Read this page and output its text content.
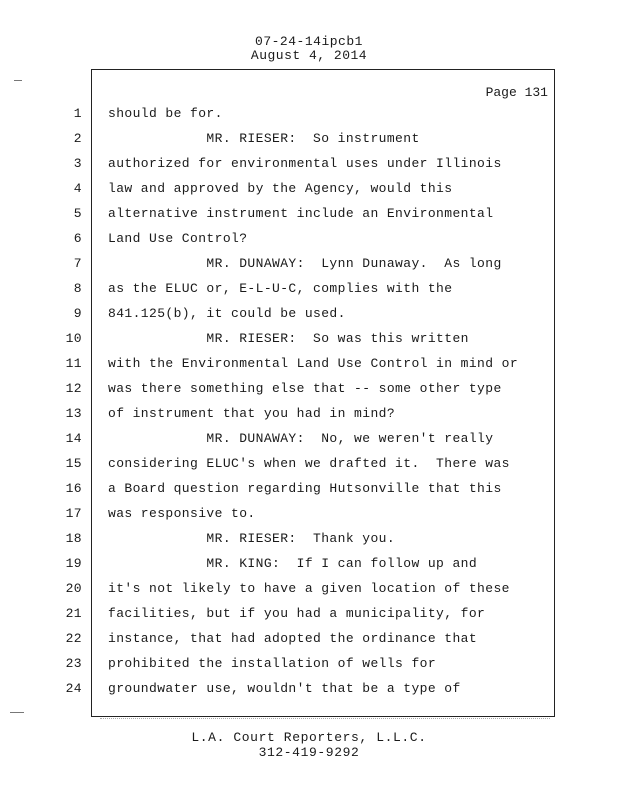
07-24-14ipcb1
August 4, 2014
Page 131
1 should be for.
2 MR. RIESER:  So instrument
3 authorized for environmental uses under Illinois
4 law and approved by the Agency, would this
5 alternative instrument include an Environmental
6 Land Use Control?
7 MR. DUNAWAY:  Lynn Dunaway.  As long
8 as the ELUC or, E-L-U-C, complies with the
9 841.125(b), it could be used.
10 MR. RIESER:  So was this written
11 with the Environmental Land Use Control in mind or
12 was there something else that -- some other type
13 of instrument that you had in mind?
14 MR. DUNAWAY:  No, we weren't really
15 considering ELUC's when we drafted it.  There was
16 a Board question regarding Hutsonville that this
17 was responsive to.
18 MR. RIESER:  Thank you.
19 MR. KING:  If I can follow up and
20 it's not likely to have a given location of these
21 facilities, but if you had a municipality, for
22 instance, that had adopted the ordinance that
23 prohibited the installation of wells for
24 groundwater use, wouldn't that be a type of
L.A. Court Reporters, L.L.C.
312-419-9292
